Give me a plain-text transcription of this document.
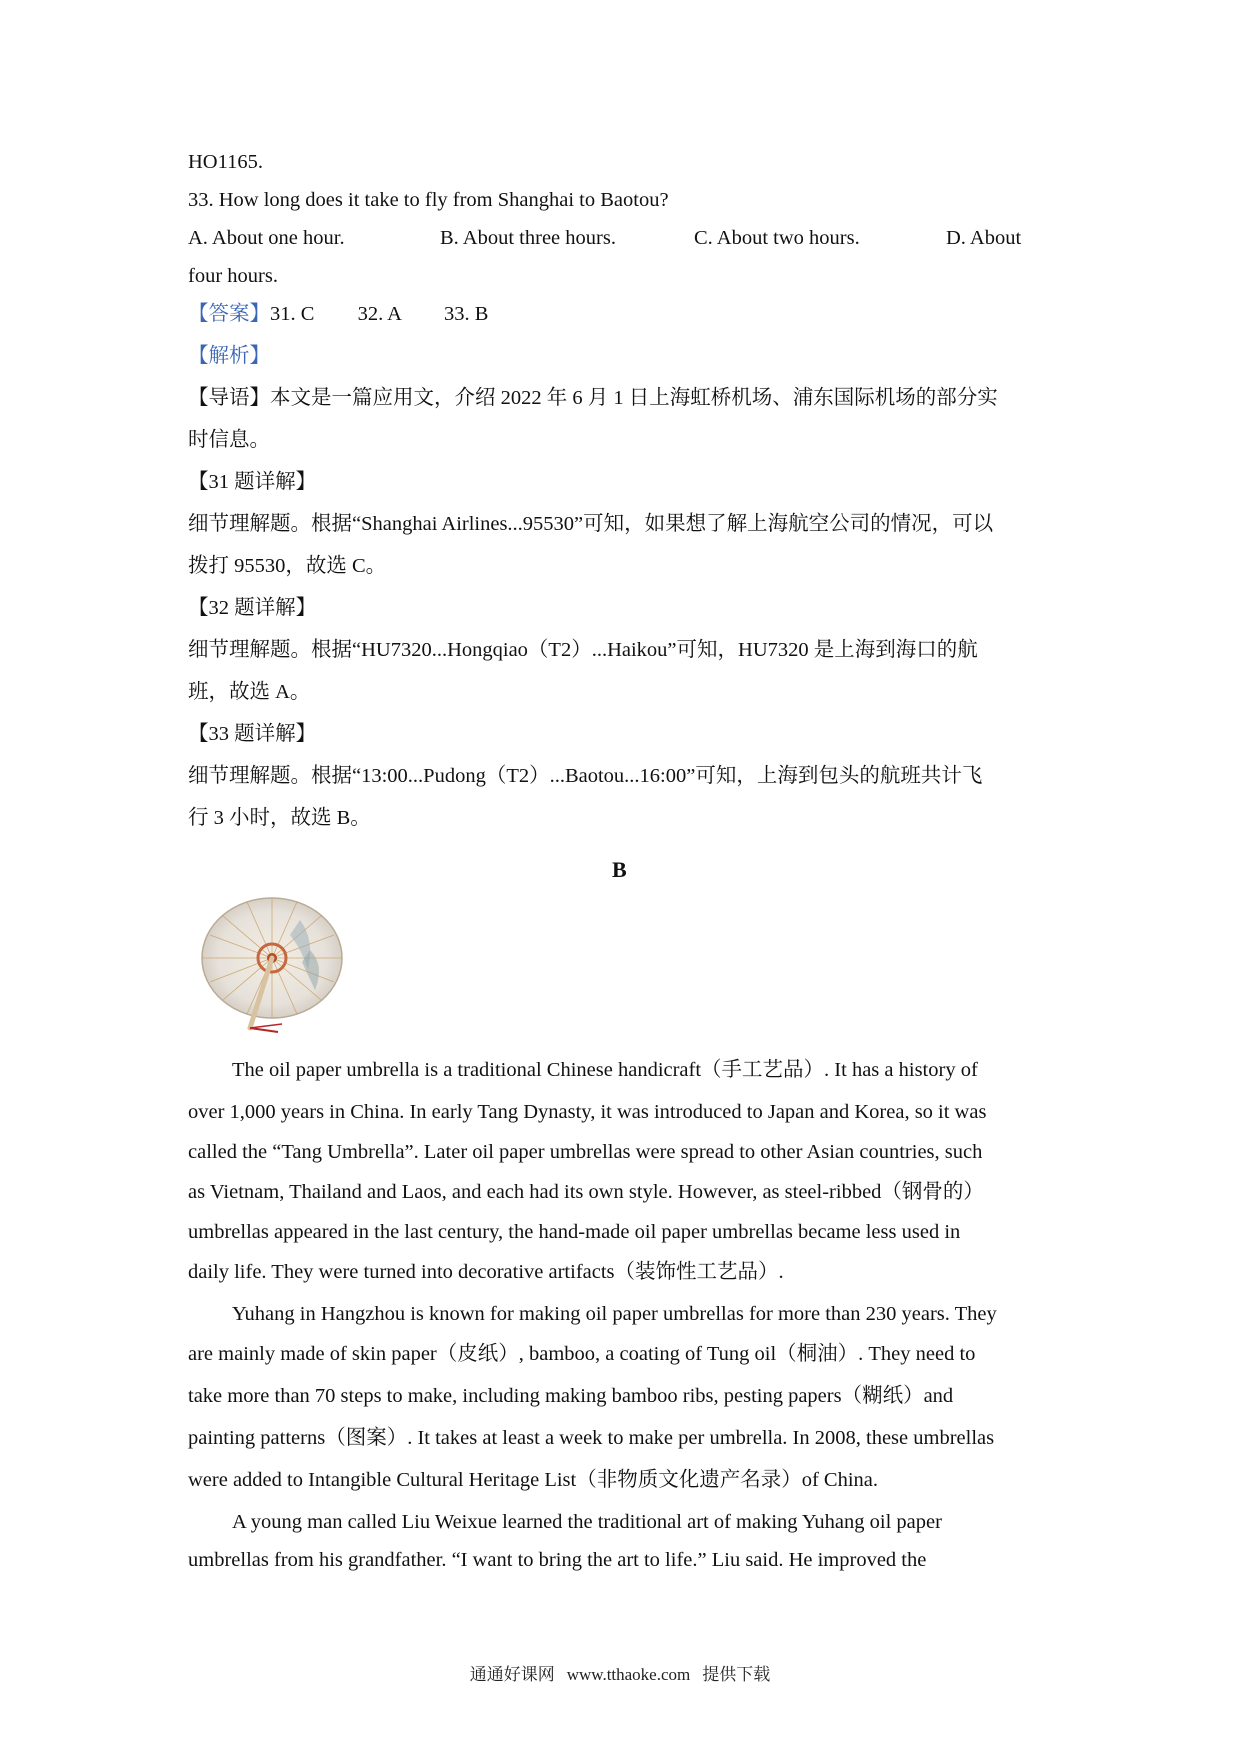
HO1165.
33. How long does it take to fly from Shanghai to Baotou?
A. About one hour.	B. About three hours.	C. About two hours.	D. About
four hours.
【答案】31. C 32. A 33. B
【解析】
【导语】本文是一篇应用文，介绍 2022 年 6 月 1 日上海虹桥机场、浦东国际机场的部分实
时信息。
【31 题详解】
细节理解题。根据“Shanghai Airlines...95530”可知，如果想了解上海航空公司的情况，可以
拨打 95530，故选 C。
【32 题详解】
细节理解题。根据“HU7320...Hongqiao（T2）...Haikou”可知，HU7320 是上海到海口的航
班，故选 A。
【33 题详解】
细节理解题。根据“13:00...Pudong（T2）...Baotou...16:00”可知，上海到包头的航班共计飞
行 3 小时，故选 B。
B
The oil paper umbrella is a traditional Chinese handicraft（手工艺品）. It has a history of
over 1,000 years in China. In early Tang Dynasty, it was introduced to Japan and Korea, so it was
called the “Tang Umbrella”. Later oil paper umbrellas were spread to other Asian countries, such
as Vietnam, Thailand and Laos, and each had its own style. However, as steel-ribbed（钢骨的）
umbrellas appeared in the last century, the hand-made oil paper umbrellas became less used in
daily life. They were turned into decorative artifacts（装饰性工艺品）.
Yuhang in Hangzhou is known for making oil paper umbrellas for more than 230 years. They
are mainly made of skin paper（皮纸）, bamboo, a coating of Tung oil（桐油）. They need to
take more than 70 steps to make, including making bamboo ribs, pesting papers（糊纸）and
painting patterns（图案）. It takes at least a week to make per umbrella. In 2008, these umbrellas
were added to Intangible Cultural Heritage List（非物质文化遗产名录）of China.
A young man called Liu Weixue learned the traditional art of making Yuhang oil paper
umbrellas from his grandfather. “I want to bring the art to life.” Liu said. He improved the
通通好课网 www.tthaoke.com 提供下载
